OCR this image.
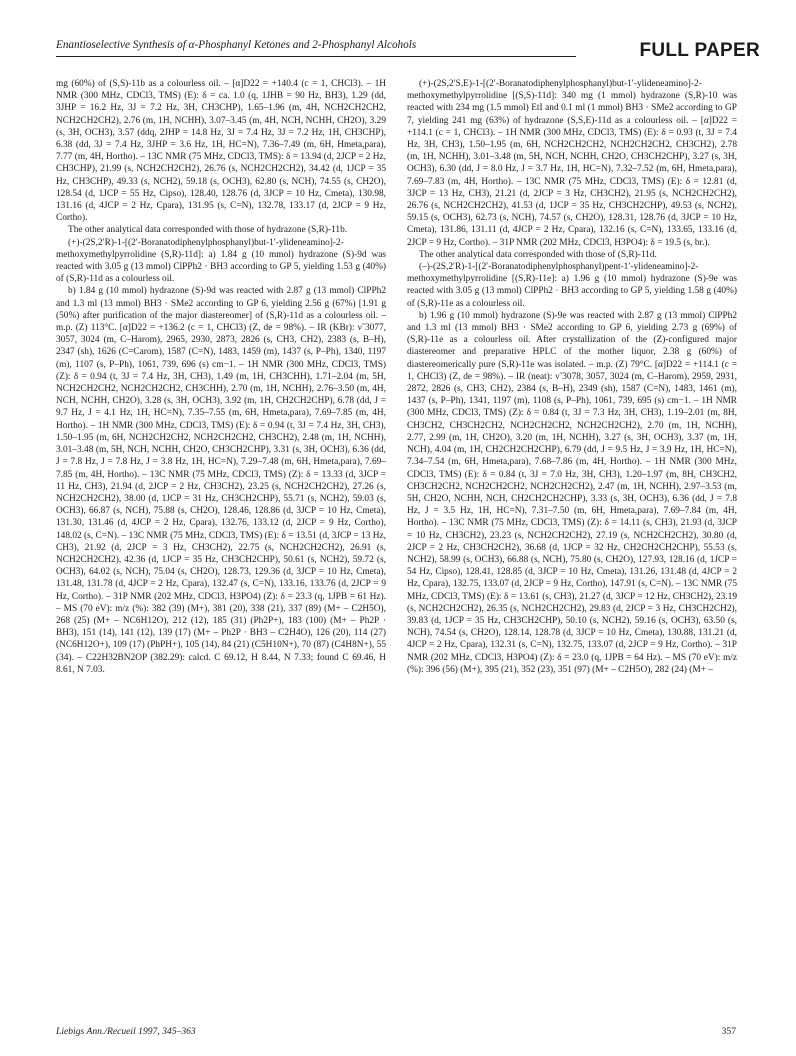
Enantioselective Synthesis of α-Phosphanyl Ketones and 2-Phosphanyl Alcohols	FULL PAPER

mg (60%) of (S,S)-11b as a colourless oil. – [α]D22 = +140.4 (c = 1, CHCl3). – 1H NMR (300 MHz, CDCl3, TMS) (E): δ = ca. 1.0 (q, 1JHB = 90 Hz, BH3), 1.29 (dd, 3JHP = 16.2 Hz, 3J = 7.2 Hz, 3H, CH3CHP), 1.65–1.96 (m, 4H, NCH2CH2CH2, NCH2CH2CH2), 2.76 (m, 1H, NCHH), 3.07–3.45 (m, 4H, NCH, NCHH, CH2O), 3.29 (s, 3H, OCH3), 3.57 (ddq, 2JHP = 14.8 Hz, 3J = 7.4 Hz, 3J = 7.2 Hz, 1H, CH3CHP), 6.38 (dd, 3J = 7.4 Hz, 3JHP = 3.6 Hz, 1H, HC=N), 7.36–7.49 (m, 6H, Hmeta,para), 7.77 (m, 4H, Hortho). – 13C NMR (75 MHz, CDCl3, TMS): δ = 13.94 (d, 2JCP = 2 Hz, CH3CHP), 21.99 (s, NCH2CH2CH2), 26.76 (s, NCH2CH2CH2), 34.42 (d, 1JCP = 35 Hz, CH3CHP), 49.33 (s, NCH2), 59.18 (s, OCH3), 62.80 (s, NCH), 74.55 (s, CH2O), 128.54 (d, 1JCP = 55 Hz, Cipso), 128.40, 128.76 (d, 3JCP = 10 Hz, Cmeta), 130.98, 131.16 (d, 4JCP = 2 Hz, Cpara), 131.95 (s, C=N), 132.78, 133.17 (d, 2JCP = 9 Hz, Cortho).

The other analytical data corresponded with those of hydrazone (S,R)-11b.

(+)-(2S,2′R)-1-[(2′-Boranatodiphenylphosphanyl)but-1′-ylideneamino]-2-methoxymethylpyrrolidine (S,R)-11d]: a) 1.84 g (10 mmol) hydrazone (S)-9d was reacted with 3.05 g (13 mmol) ClPPh2 · BH3 according to GP 5, yielding 1.53 g (40%) of (S,R)-11d as a colourless oil.

b) 1.84 g (10 mmol) hydrazone (S)-9d was reacted with 2.87 g (13 mmol) ClPPh2 and 1.3 ml (13 mmol) BH3 · SMe2 according to GP 6, yielding 2.56 g (67%) [1.91 g (50%) after purification of the major diastereomer] of (S,R)-11d as a colourless oil. – m.p. (Z) 113°C. [α]D22 = +136.2 (c = 1, CHCl3) (Z, de = 98%). – IR (KBr): ν̃ 3077, 3057, 3024 (m, C–Harom), 2965, 2930, 2873, 2826 (s, CH3, CH2), 2383 (s, B–H), 2347 (sh), 1626 (C=Carom), 1587 (C=N), 1483, 1459 (m), 1437 (s, P–Ph), 1340, 1197 (m), 1107 (s, P–Ph), 1061, 739, 696 (s) cm−1. – 1H NMR (300 MHz, CDCl3, TMS) (Z): δ = 0.94 (t, 3J = 7.4 Hz, 3H, CH3), 1.49 (m, 1H, CH3CHH), 1.71–2.04 (m, 5H, NCH2CH2CH2, NCH2CH2CH2, CH3CHH), 2.70 (m, 1H, NCHH), 2.76–3.50 (m, 4H, NCH, NCHH, CH2O), 3.28 (s, 3H, OCH3), 3.92 (m, 1H, CH2CH2CHP), 6.78 (dd, J = 9.7 Hz, J = 4.1 Hz, 1H, HC=N), 7.35–7.55 (m, 6H, Hmeta,para), 7.69–7.85 (m, 4H, Hortho). – 1H NMR (300 MHz, CDCl3, TMS) (E): δ = 0.94 (t, 3J = 7.4 Hz, 3H, CH3), 1.50–1.95 (m, 6H, NCH2CH2CH2, NCH2CH2CH2, CH3CH2), 2.48 (m, 1H, NCHH), 3.01–3.48 (m, 5H, NCH, NCHH, CH2O, CH3CH2CHP), 3.31 (s, 3H, OCH3), 6.36 (dd, J = 7.8 Hz, J = 7.8 Hz, J = 3.8 Hz, 1H, HC=N), 7.29–7.48 (m, 6H, Hmeta,para), 7.69–7.85 (m, 4H, Hortho). – 13C NMR (75 MHz, CDCl3, TMS) (Z): δ = 13.33 (d, 3JCP = 11 Hz, CH3), 21.94 (d, 2JCP = 2 Hz, CH3CH2), 23.25 (s, NCH2CH2CH2), 27.26 (s, NCH2CH2CH2), 38.00 (d, 1JCP = 31 Hz, CH3CH2CHP), 55.71 (s, NCH2), 59.03 (s, OCH3), 66.87 (s, NCH), 75.88 (s, CH2O), 128.46, 128.86 (d, 3JCP = 10 Hz, Cmeta), 131.30, 131.46 (d, 4JCP = 2 Hz, Cpara), 132.76, 133.12 (d, 2JCP = 9 Hz, Cortho), 148.02 (s, C=N). – 13C NMR (75 MHz, CDCl3, TMS) (E): δ = 13.51 (d, 3JCP = 13 Hz, CH3), 21.92 (d, 2JCP = 3 Hz, CH3CH2), 22.75 (s, NCH2CH2CH2), 26.91 (s, NCH2CH2CH2), 42.36 (d, 1JCP = 35 Hz, CH3CH2CHP), 50.61 (s, NCH2), 59.72 (s, OCH3), 64.02 (s, NCH), 75.04 (s, CH2O), 128.73, 129.36 (d, 3JCP = 10 Hz, Cmeta), 131.48, 131.78 (d, 4JCP = 2 Hz, Cpara), 132.47 (s, C=N), 133.16, 133.76 (d, 2JCP = 9 Hz, Cortho). – 31P NMR (202 MHz, CDCl3, H3PO4) (Z): δ = 23.3 (q, 1JPB = 61 Hz). – MS (70 eV): m/z (%): 382 (39) (M+), 381 (20), 338 (21), 337 (89) (M+ – C2H5O), 268 (25) (M+ – NC6H12O), 212 (12), 185 (31) (Ph2P+), 183 (100) (M+ – Ph2P · BH3), 151 (14), 141 (12), 139 (17) (M+ – Ph2P · BH3 – C2H4O), 126 (20), 114 (27) (NC6H12O+), 109 (17) (PhPH+), 105 (14), 84 (21) (C5H10N+), 70 (87) (C4H8N+), 55 (34). – C22H32BN2OP (382.29): calcd. C 69.12, H 8.44, N 7.33; found C 69.46, H 8.61, N 7.03.

(+)-(2S,2′S,E)-1-[(2′-Boranatodiphenylphosphanyl)but-1′-ylideneamino]-2-methoxymethylpyrrolidine [(S,S)-11d]: 340 mg (1 mmol) hydrazone (S,R)-10 was reacted with 234 mg (1.5 mmol) EtI and 0.1 ml (1 mmol) BH3 · SMe2 according to GP 7, yielding 241 mg (63%) of hydrazone (S,S,E)-11d as a colourless oil. – [α]D22 = +114.1 (c = 1, CHCl3). – 1H NMR (300 MHz, CDCl3, TMS) (E): δ = 0.93 (t, 3J = 7.4 Hz, 3H, CH3), 1.50–1.95 (m, 6H, NCH2CH2CH2, NCH2CH2CH2, CH3CH2), 2.78 (m, 1H, NCHH), 3.01–3.48 (m, 5H, NCH, NCHH, CH2O, CH3CH2CHP), 3.27 (s, 3H, OCH3), 6.30 (dd, J = 8.0 Hz, J = 3.7 Hz, 1H, HC=N), 7.32–7.52 (m, 6H, Hmeta,para), 7.69–7.83 (m, 4H, Hortho). – 13C NMR (75 MHz, CDCl3, TMS) (E): δ = 12.81 (d, 3JCP = 13 Hz, CH3), 21.21 (d, 2JCP = 3 Hz, CH3CH2), 21.95 (s, NCH2CH2CH2), 26.76 (s, NCH2CH2CH2), 41.53 (d, 1JCP = 35 Hz, CH3CH2CHP), 49.53 (s, NCH2), 59.15 (s, OCH3), 62.73 (s, NCH), 74.57 (s, CH2O), 128.31, 128.76 (d, 3JCP = 10 Hz, Cmeta), 131.86, 131.11 (d, 4JCP = 2 Hz, Cpara), 132.16 (s, C=N), 133.65, 133.16 (d, 2JCP = 9 Hz, Cortho). – 31P NMR (202 MHz, CDCl3, H3PO4): δ = 19.5 (s, br.).

The other analytical data corresponded with those of (S,R)-11d.

(–)-(2S,2′R)-1-[(2′-Boranatodiphenylphosphanyl)pent-1′-ylideneamino]-2-methoxymethylpyrrolidine [(S,R)-11e]: a) 1.96 g (10 mmol) hydrazone (S)-9e was reacted with 3.05 g (13 mmol) ClPPh2 · BH3 according to GP 5, yielding 1.58 g (40%) of (S,R)-11e as a colourless oil.

b) 1.96 g (10 mmol) hydrazone (S)-9e was reacted with 2.87 g (13 mmol) ClPPh2 and 1.3 ml (13 mmol) BH3 · SMe2 according to GP 6, yielding 2.73 g (69%) of (S,R)-11e as a colourless oil. After crystallization of the (Z)-configured major diastereomer and preparative HPLC of the mother liquor, 2.38 g (60%) of diastereomerically pure (S,R)-11e was isolated. – m.p. (Z) 79°C. [α]D22 = +114.1 (c = 1, CHCl3) (Z, de = 98%). – IR (neat): ν̃ 3078, 3057, 3024 (m, C–Harom), 2959, 2931, 2872, 2826 (s, CH3, CH2), 2384 (s, B–H), 2349 (sh), 1587 (C=N), 1483, 1461 (m), 1437 (s, P–Ph), 1341, 1197 (m), 1108 (s, P–Ph), 1061, 739, 695 (s) cm−1. – 1H NMR (300 MHz, CDCl3, TMS) (Z): δ = 0.84 (t, 3J = 7.3 Hz, 3H, CH3), 1.19–2.01 (m, 8H, CH3CH2, CH3CH2CH2, NCH2CH2CH2, NCH2CH2CH2), 2.70 (m, 1H, NCHH), 2.77, 2.99 (m, 1H, CH2O), 3.20 (m, 1H, NCHH), 3.27 (s, 3H, OCH3), 3.37 (m, 1H, NCH), 4.04 (m, 1H, CH2CH2CH2CHP), 6.79 (dd, J = 9.5 Hz, J = 3.9 Hz, 1H, HC=N), 7.34–7.54 (m, 6H, Hmeta,para), 7.68–7.86 (m, 4H, Hortho). – 1H NMR (300 MHz, CDCl3, TMS) (E): δ = 0.84 (t, 3J = 7.0 Hz, 3H, CH3), 1.20–1.97 (m, 8H, CH3CH2, CH3CH2CH2, NCH2CH2CH2, NCH2CH2CH2), 2.47 (m, 1H, NCHH), 2.97–3.53 (m, 5H, CH2O, NCHH, NCH, CH2CH2CH2CHP), 3.33 (s, 3H, OCH3), 6.36 (dd, J = 7.8 Hz, J = 3.5 Hz, 1H, HC=N), 7.31–7.50 (m, 6H, Hmeta,para), 7.69–7.84 (m, 4H, Hortho). – 13C NMR (75 MHz, CDCl3, TMS) (Z): δ = 14.11 (s, CH3), 21.93 (d, 3JCP = 10 Hz, CH3CH2), 23.23 (s, NCH2CH2CH2), 27.19 (s, NCH2CH2CH2), 30.80 (d, 2JCP = 2 Hz, CH3CH2CH2), 36.68 (d, 1JCP = 32 Hz, CH2CH2CH2CHP), 55.53 (s, NCH2), 58.99 (s, OCH3), 66.88 (s, NCH), 75.80 (s, CH2O), 127.93, 128.16 (d, 1JCP = 54 Hz, Cipso), 128.41, 128.85 (d, 3JCP = 10 Hz, Cmeta), 131.26, 131.48 (d, 4JCP = 2 Hz, Cpara), 132.75, 133.07 (d, 2JCP = 9 Hz, Cortho), 147.91 (s, C=N). – 13C NMR (75 MHz, CDCl3, TMS) (E): δ = 13.61 (s, CH3), 21.27 (d, 3JCP = 12 Hz, CH3CH2), 23.19 (s, NCH2CH2CH2), 26.35 (s, NCH2CH2CH2), 29.83 (d, 2JCP = 3 Hz, CH3CH2CH2), 39.83 (d, 1JCP = 35 Hz, CH3CH2CHP), 50.10 (s, NCH2), 59.16 (s, OCH3), 63.50 (s, NCH), 74.54 (s, CH2O), 128.14, 128.78 (d, 3JCP = 10 Hz, Cmeta), 130.88, 131.21 (d, 4JCP = 2 Hz, Cpara), 132.31 (s, C=N), 132.75, 133.07 (d, 2JCP = 9 Hz, Cortho). – 31P NMR (202 MHz, CDCl3, H3PO4) (Z): δ = 23.0 (q, 1JPB = 64 Hz). – MS (70 eV): m/z (%): 396 (56) (M+), 395 (21), 352 (23), 351 (97) (M+ – C2H5O), 282 (24) (M+ –

Liebigs Ann./Recueil 1997, 345–363	357
